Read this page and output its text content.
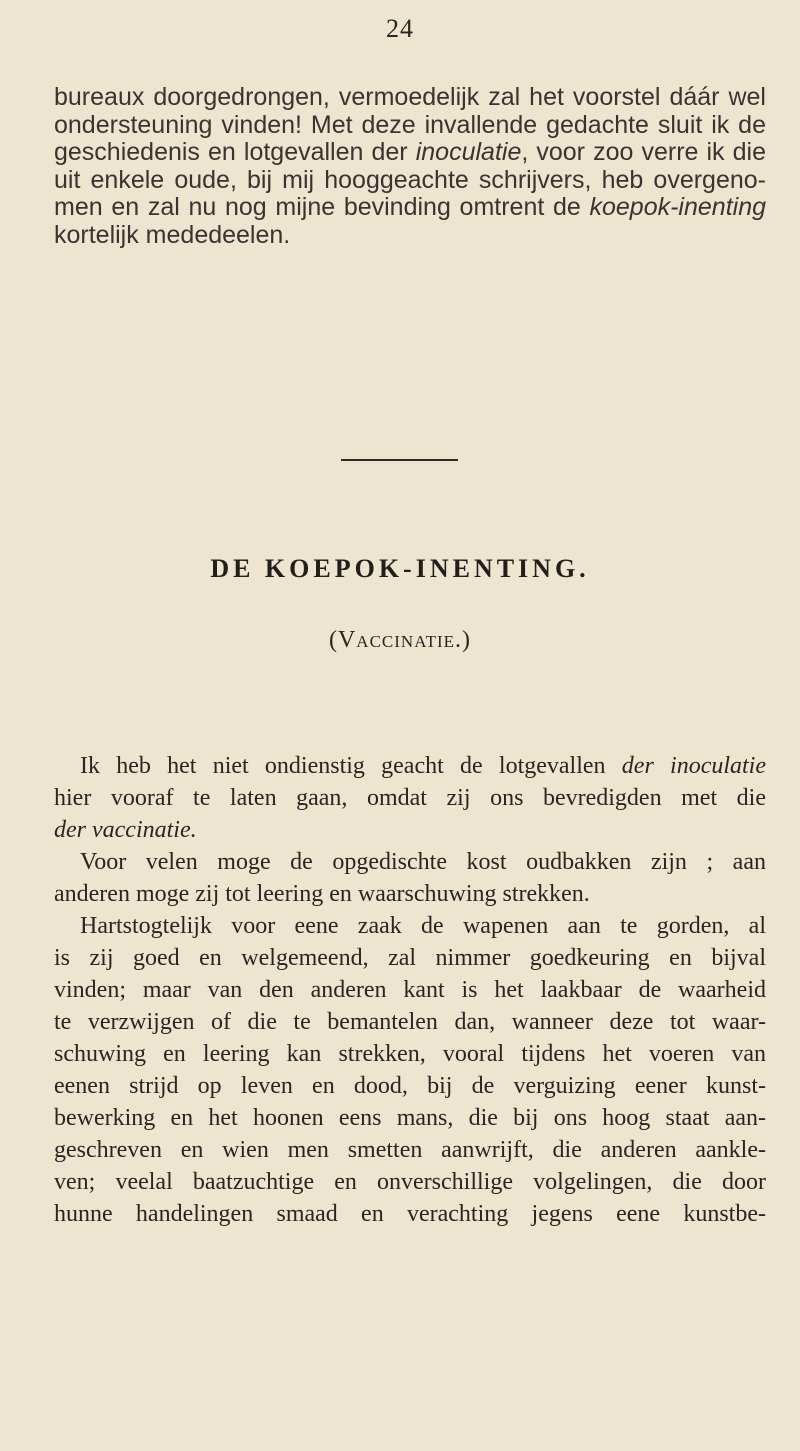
24

bureaux doorgedrongen, vermoedelijk zal het voorstel dáár wel
ondersteuning vinden! Met deze invallende gedachte sluit ik de
geschiedenis en lotgevallen der inoculatie, voor zoo verre ik die
uit enkele oude, bij mij hooggeachte schrijvers, heb overgeno-
men en zal nu nog mijne bevinding omtrent de koepok-inenting
kortelijk mededeelen.

DE KOEPOK-INENTING.
(Vaccinatie.)

Ik heb het niet ondienstig geacht de lotgevallen der inoculatie
hier vooraf te laten gaan, omdat zij ons bevredigden met die
der vaccinatie.

Voor velen moge de opgedischte kost oudbakken zijn ; aan
anderen moge zij tot leering en waarschuwing strekken.

Hartstogtelijk voor eene zaak de wapenen aan te gorden, al
is zij goed en welgemeend, zal nimmer goedkeuring en bijval
vinden; maar van den anderen kant is het laakbaar de waarheid
te verzwijgen of die te bemantelen dan, wanneer deze tot waar-
schuwing en leering kan strekken, vooral tijdens het voeren van
eenen strijd op leven en dood, bij de verguizing eener kunst-
bewerking en het hoonen eens mans, die bij ons hoog staat aan-
geschreven en wien men smetten aanwrijft, die anderen aankle-
ven; veelal baatzuchtige en onverschillige volgelingen, die door
hunne handelingen smaad en verachting jegens eene kunstbe-
